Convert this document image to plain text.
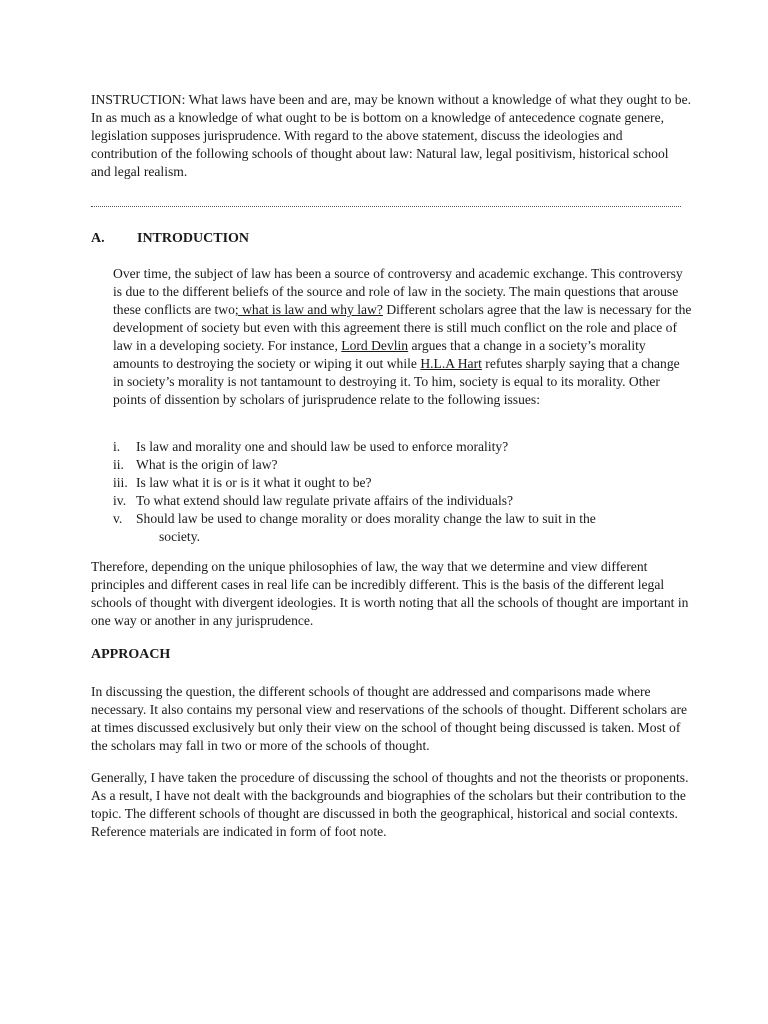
INSTRUCTION: What laws have been and are, may be known without a knowledge of what they ought to be. In as much as a knowledge of what ought to be is bottom on a knowledge of antecedence cognate genere, legislation supposes jurisprudence. With regard to the above statement, discuss the ideologies and contribution of the following schools of thought about law: Natural law, legal positivism, historical school and legal realism.

A. INTRODUCTION

Over time, the subject of law has been a source of controversy and academic exchange. This controversy is due to the different beliefs of the source and role of law in the society. The main questions that arouse these conflicts are two; what is law and why law? Different scholars agree that the law is necessary for the development of society but even with this agreement there is still much conflict on the role and place of law in a developing society. For instance, Lord Devlin argues that a change in a society’s morality amounts to destroying the society or wiping it out while H.L.A Hart refutes sharply saying that a change in society’s morality is not tantamount to destroying it. To him, society is equal to its morality. Other points of dissention by scholars of jurisprudence relate to the following issues:

i. Is law and morality one and should law be used to enforce morality?
ii. What is the origin of law?
iii. Is law what it is or is it what it ought to be?
iv. To what extend should law regulate private affairs of the individuals?
v. Should law be used to change morality or does morality change the law to suit in the
society.

Therefore, depending on the unique philosophies of law, the way that we determine and view different principles and different cases in real life can be incredibly different. This is the basis of the different legal schools of thought with divergent ideologies. It is worth noting that all the schools of thought are important in one way or another in any jurisprudence.

APPROACH

In discussing the question, the different schools of thought are addressed and comparisons made where necessary. It also contains my personal view and reservations of the schools of thought. Different scholars are at times discussed exclusively but only their view on the school of thought being discussed is taken. Most of the scholars may fall in two or more of the schools of thought.

Generally, I have taken the procedure of discussing the school of thoughts and not the theorists or proponents. As a result, I have not dealt with the backgrounds and biographies of the scholars but their contribution to the topic. The different schools of thought are discussed in both the geographical, historical and social contexts. Reference materials are indicated in form of foot note.
